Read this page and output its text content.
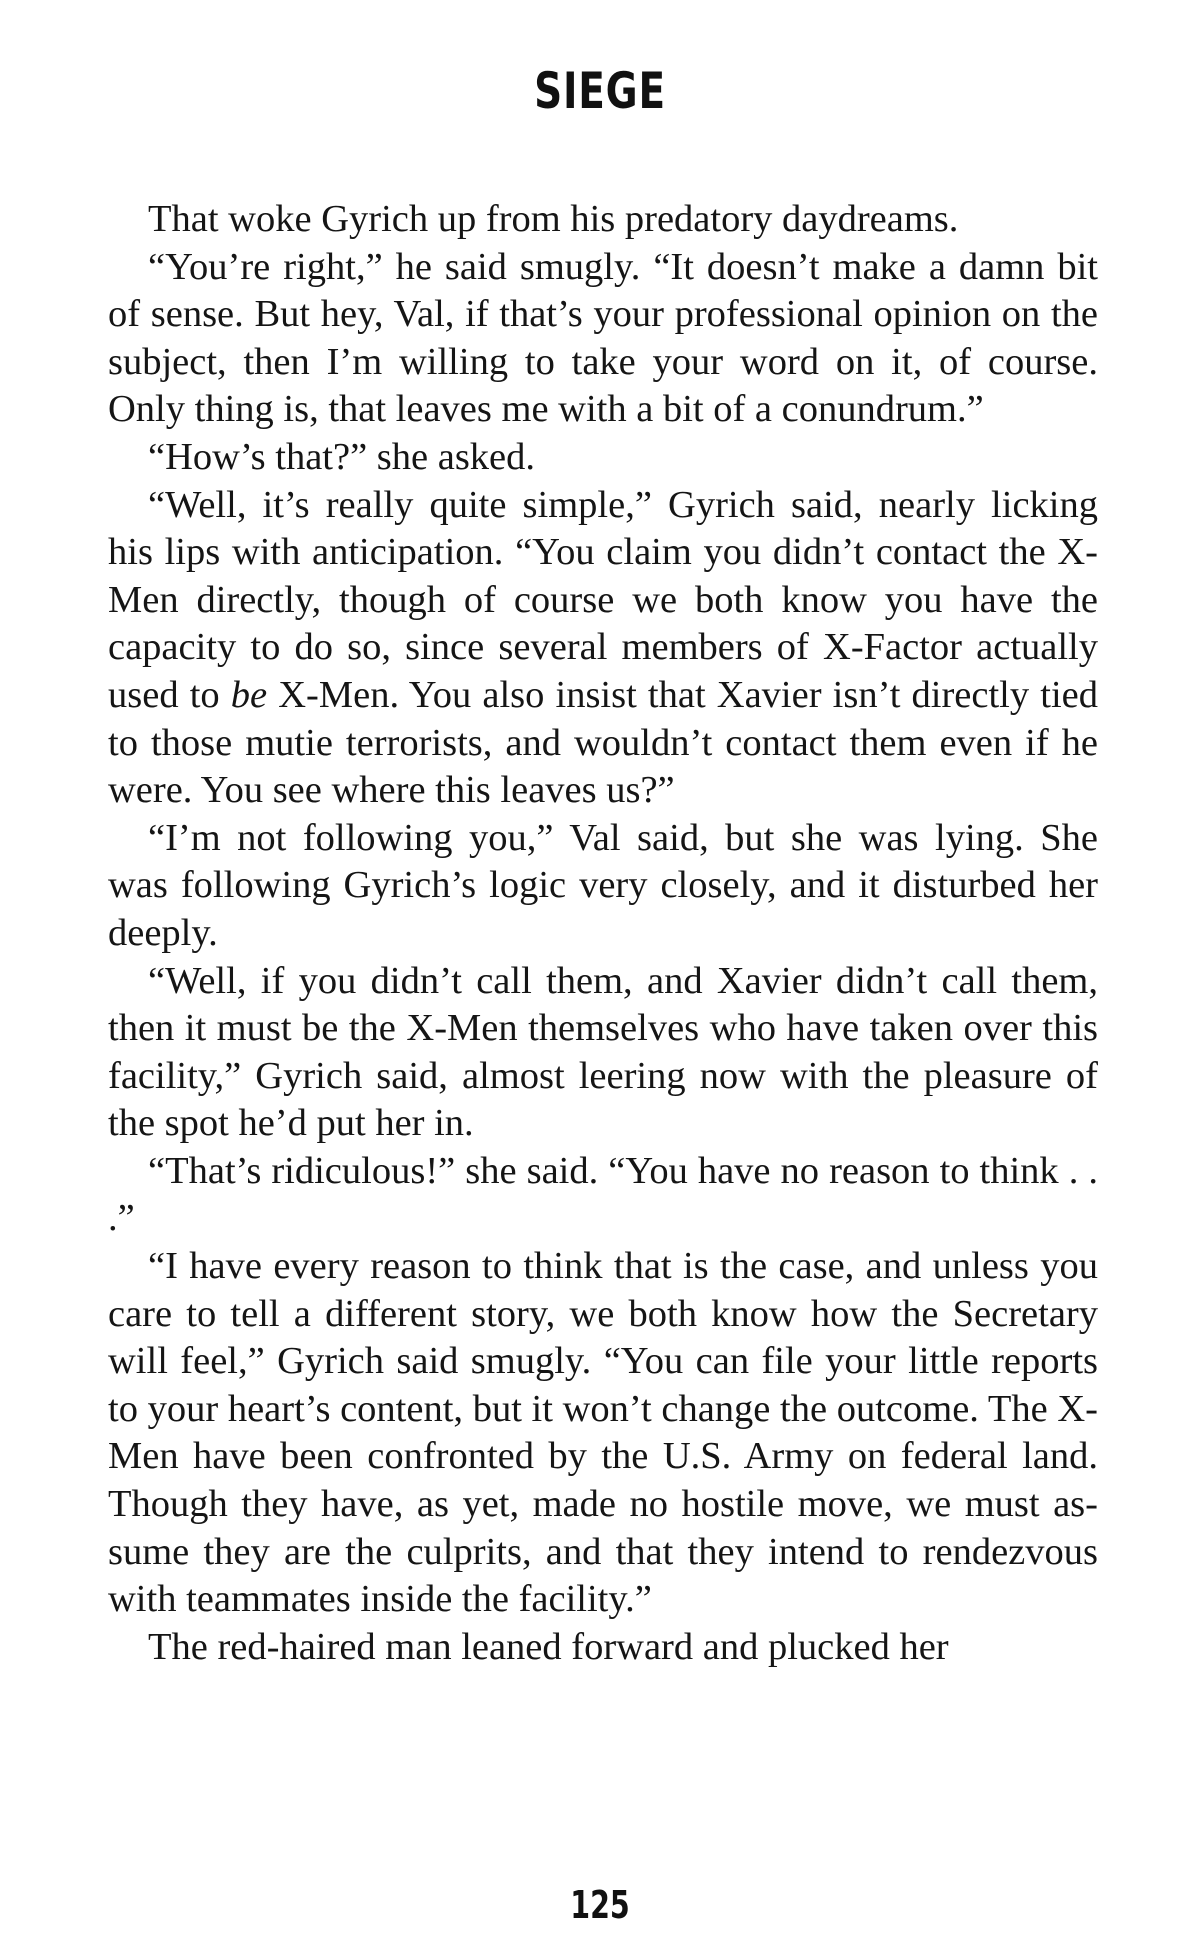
SIEGE

That woke Gyrich up from his predatory daydreams.

“You’re right,” he said smugly. “It doesn’t make a damn bit of sense. But hey, Val, if that’s your professional opinion on the subject, then I’m willing to take your word on it, of course. Only thing is, that leaves me with a bit of a conundrum.”

“How’s that?” she asked.

“Well, it’s really quite simple,” Gyrich said, nearly licking his lips with anticipation. “You claim you didn’t contact the X-Men directly, though of course we both know you have the capacity to do so, since several members of X-Factor actually used to be X-Men. You also insist that Xavier isn’t directly tied to those mutie terrorists, and wouldn’t contact them even if he were. You see where this leaves us?”

“I’m not following you,” Val said, but she was lying. She was following Gyrich’s logic very closely, and it disturbed her deeply.

“Well, if you didn’t call them, and Xavier didn’t call them, then it must be the X-Men themselves who have taken over this facility,” Gyrich said, almost leering now with the pleasure of the spot he’d put her in.

“That’s ridiculous!” she said. “You have no reason to think . . .”

“I have every reason to think that is the case, and unless you care to tell a different story, we both know how the Secretary will feel,” Gyrich said smugly. “You can file your little reports to your heart’s content, but it won’t change the outcome. The X-Men have been confronted by the U.S. Army on federal land. Though they have, as yet, made no hostile move, we must assume they are the culprits, and that they intend to rendezvous with teammates inside the facility.”

The red-haired man leaned forward and plucked her

125
